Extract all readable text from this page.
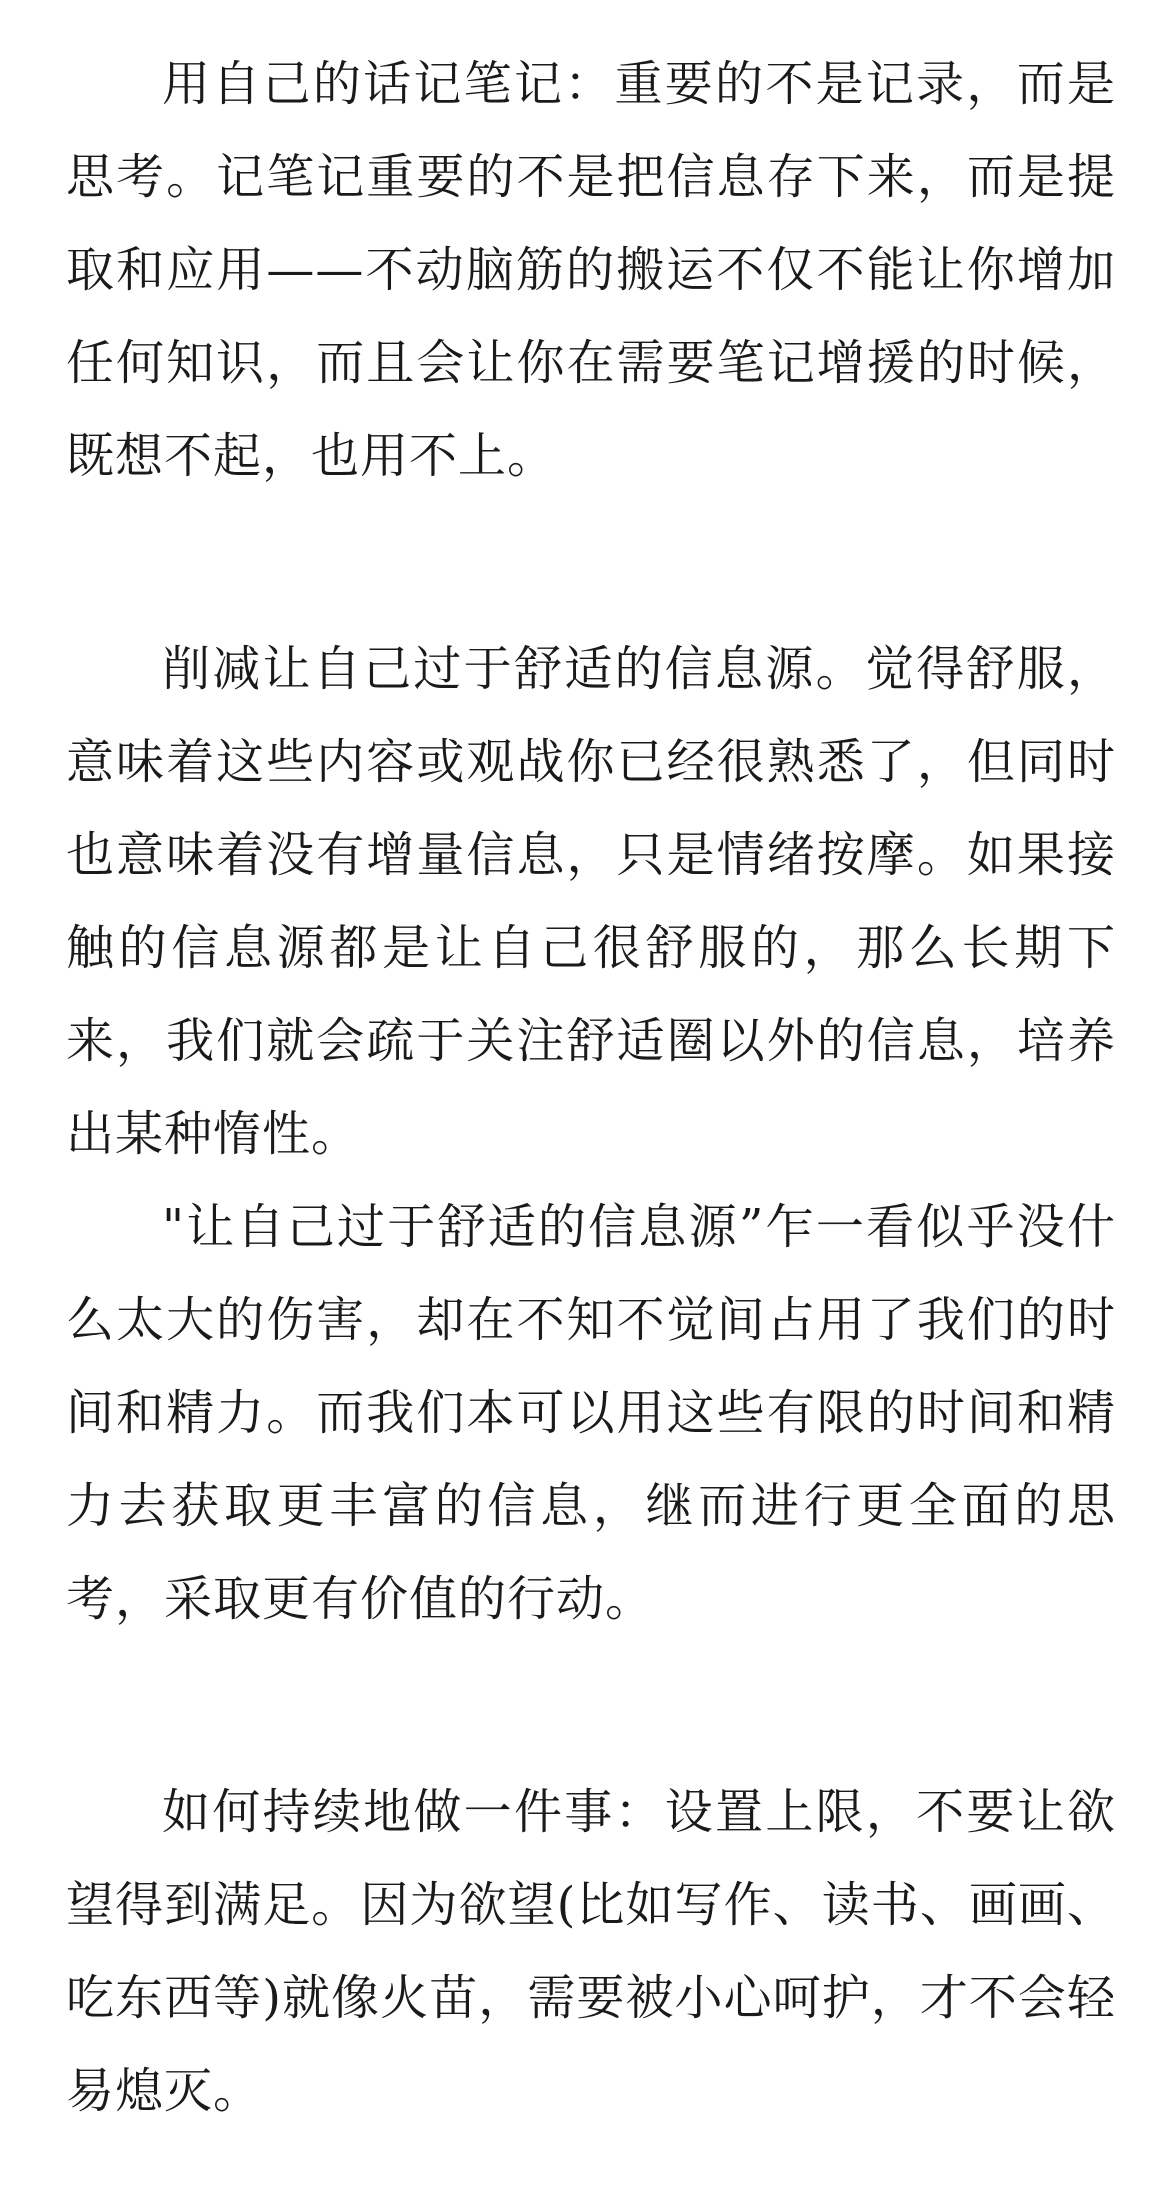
用自己的话记笔记：重要的不是记录，而是思考。记笔记重要的不是把信息存下来，而是提取和应用——不动脑筋的搬运不仅不能让你增加任何知识，而且会让你在需要笔记增援的时候，既想不起，也用不上。

削减让自己过于舒适的信息源。觉得舒服，意味着这些内容或观战你已经很熟悉了，但同时也意味着没有增量信息，只是情绪按摩。如果接触的信息源都是让自己很舒服的，那么长期下来，我们就会疏于关注舒适圈以外的信息，培养出某种惰性。

"让自己过于舒适的信息源”乍一看似乎没什么太大的伤害，却在不知不觉间占用了我们的时间和精力。而我们本可以用这些有限的时间和精力去获取更丰富的信息，继而进行更全面的思考，采取更有价值的行动。

如何持续地做一件事：设置上限，不要让欲望得到满足。因为欲望(比如写作、读书、画画、吃东西等)就像火苗，需要被小心呵护，才不会轻易熄灭。
